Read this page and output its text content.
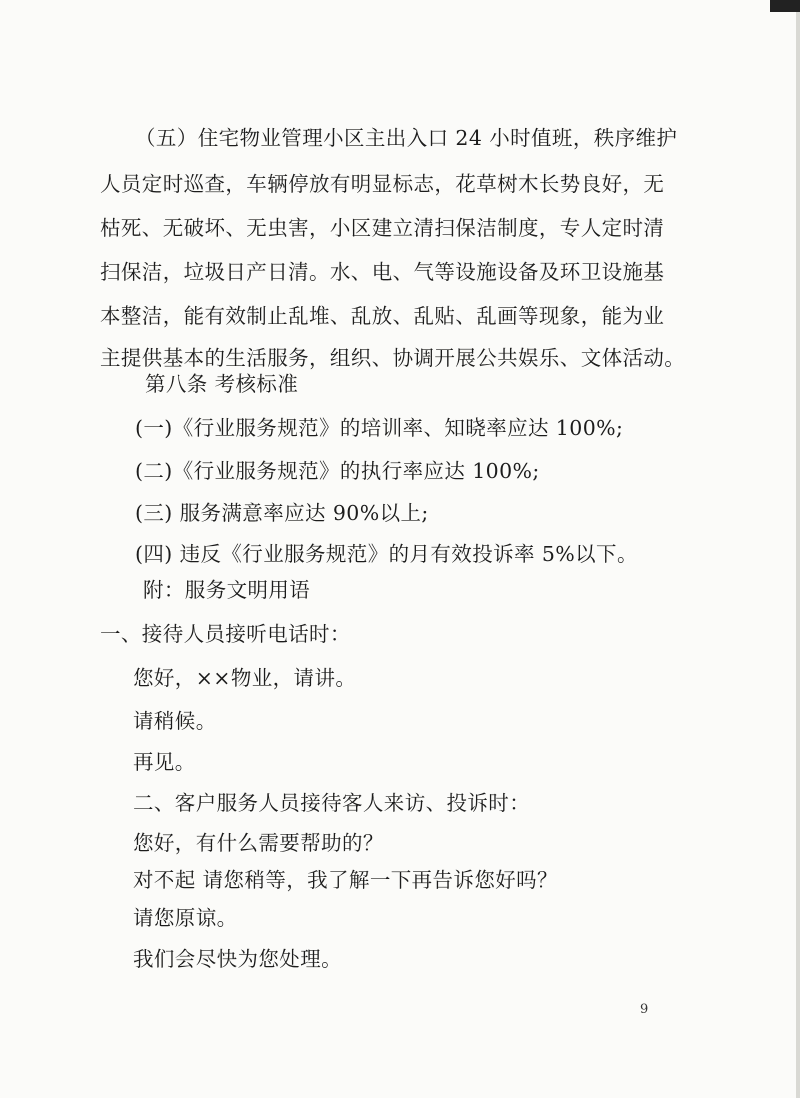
（五）住宅物业管理小区主出入口 24 小时值班，秩序维护
人员定时巡查，车辆停放有明显标志，花草树木长势良好，无
枯死、无破坏、无虫害，小区建立清扫保洁制度，专人定时清
扫保洁，垃圾日产日清。水、电、气等设施设备及环卫设施基
本整洁，能有效制止乱堆、乱放、乱贴、乱画等现象，能为业
主提供基本的生活服务，组织、协调开展公共娱乐、文体活动。
第八条 考核标准
(一)《行业服务规范》的培训率、知晓率应达 100%;
(二)《行业服务规范》的执行率应达 100%;
(三) 服务满意率应达 90%以上;
(四) 违反《行业服务规范》的月有效投诉率 5%以下。
附：服务文明用语
一、接待人员接听电话时：
您好，××物业，请讲。
请稍候。
再见。
二、客户服务人员接待客人来访、投诉时：
您好，有什么需要帮助的？
对不起 请您稍等，我了解一下再告诉您好吗？
请您原谅。
我们会尽快为您处理。
9
